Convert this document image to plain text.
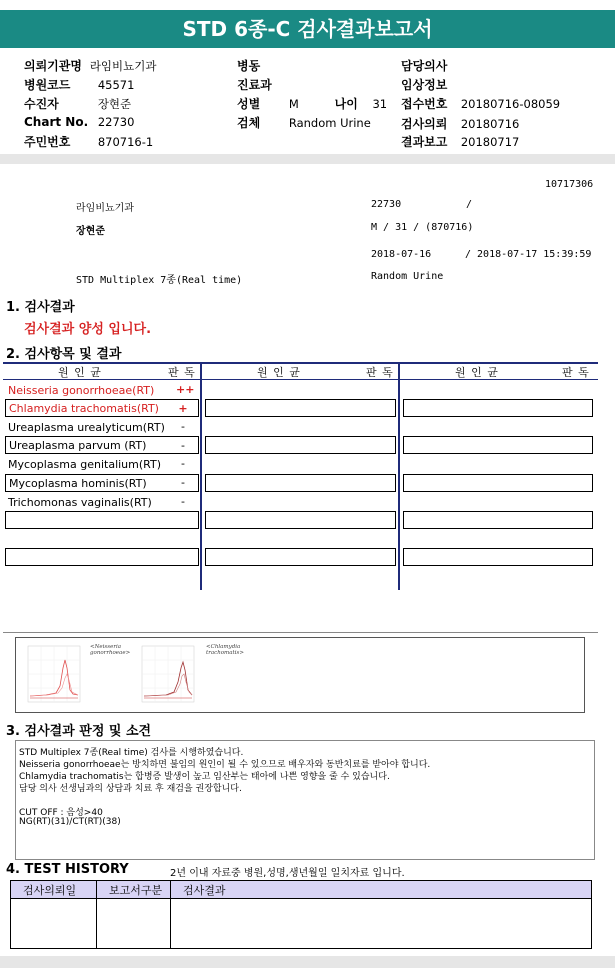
STD 6종-C 검사결과보고서
의뢰기관명 라임비뇨기과
병원코드 45571
수진자	장현준
Chart No. 22730
주민번호 870716-1
병동
진료과
성별 M	나이 31
검체 Random Urine
담당의사
임상정보
접수번호 20180716-08059
검사의뢰 20180716
결과보고 20180717
10717306
라임비뇨기과	22730	/
장현준	M / 31 / (870716)
2018-07-16	/ 2018-07-17 15:39:59
STD Multiplex 7종(Real time)	Random Urine
1. 검사결과
검사결과 양성 입니다.
2. 검사항목 및 결과
원 인 균	판 독	원 인 균	판 독	원 인 균	판 독
Neisseria gonorrhoeae(RT) ++
Chlamydia trachomatis(RT) +
Ureaplasma urealyticum(RT)	-
Ureaplasma parvum (RT)	-
Mycoplasma genitalium(RT)	-
Mycoplasma hominis(RT)	-
Trichomonas vaginalis(RT)	-
<Neisseria gonorrhoeae>
<Chlamydia trachomatis>
3. 검사결과 판정 및 소견
STD Multiplex 7종(Real time) 검사를 시행하였습니다.
Neisseria gonorrhoeae는 방치하면 불임의 원인이 될 수 있으므로 배우자와 동반치료를 받아야 합니다.
Chlamydia trachomatis는 합병증 발생이 높고 임산부는 태아에 나쁜 영향을 줄 수 있습니다.
담당 의사 선생님과의 상담과 치료 후 재검을 권장합니다.
CUT OFF : 음성>40
NG(RT)(31)/CT(RT)(38)
4. TEST HISTORY	2년 이내 자료중 병원,성명,생년월일 일치자료 입니다.
검사의뢰일	보고서구분	검사결과
